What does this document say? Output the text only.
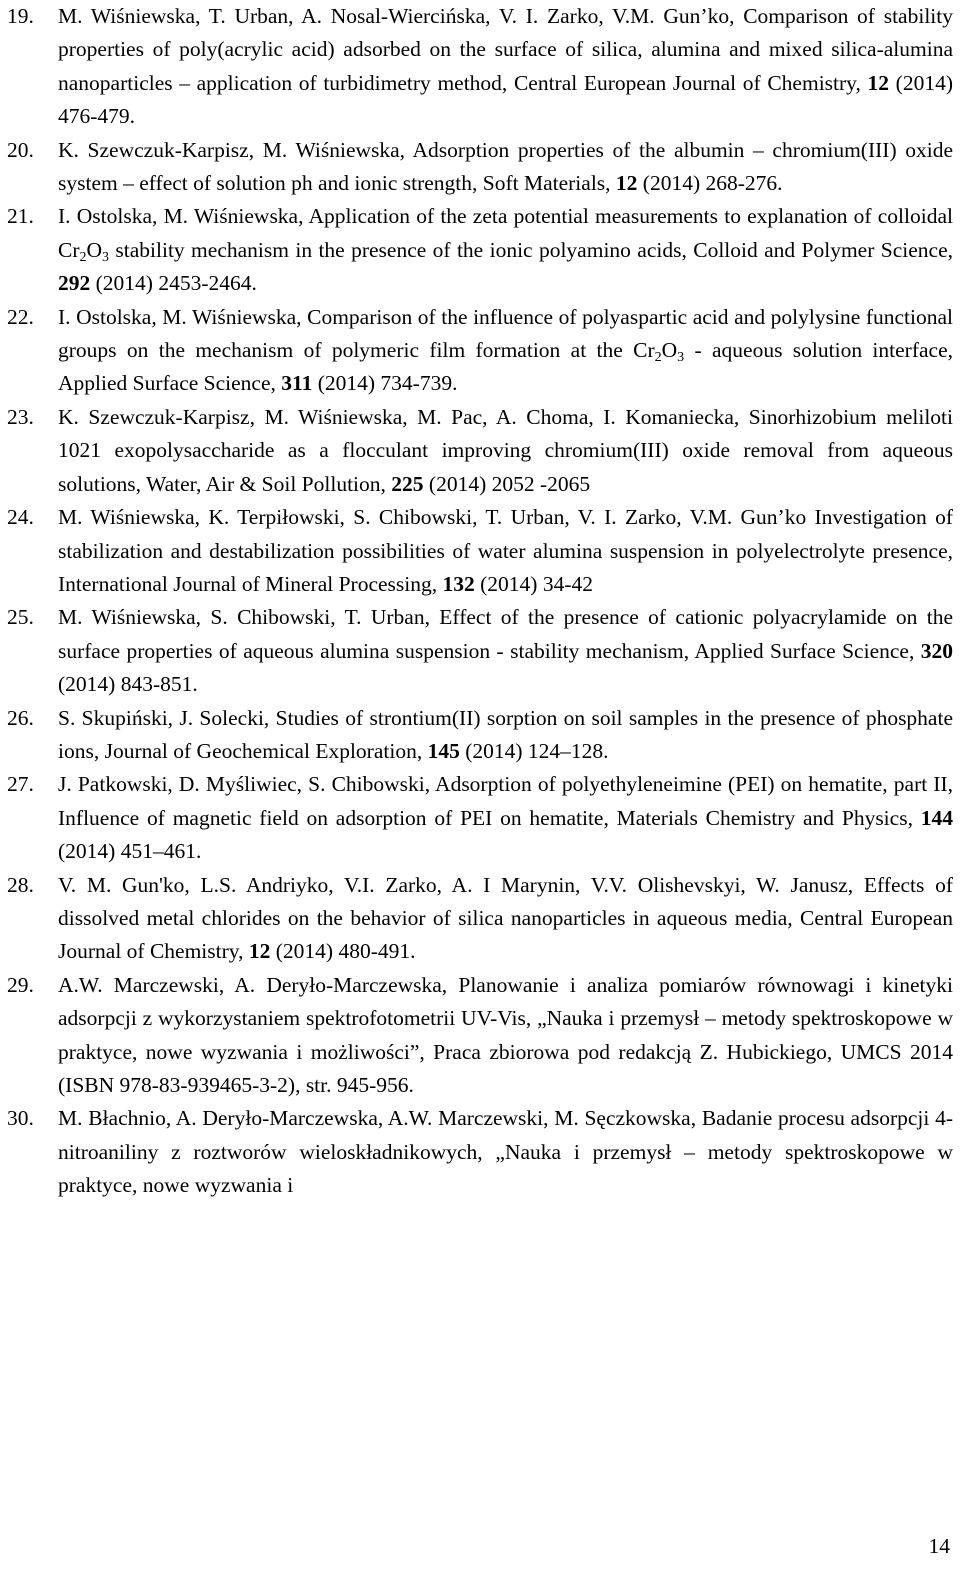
19. M. Wiśniewska, T. Urban, A. Nosal-Wiercińska, V. I. Zarko, V.M. Gun’ko, Comparison of stability properties of poly(acrylic acid) adsorbed on the surface of silica, alumina and mixed silica-alumina nanoparticles – application of turbidimetry method, Central European Journal of Chemistry, 12 (2014) 476-479.
20. K. Szewczuk-Karpisz, M. Wiśniewska, Adsorption properties of the albumin – chromium(III) oxide system – effect of solution ph and ionic strength, Soft Materials, 12 (2014) 268-276.
21. I. Ostolska, M. Wiśniewska, Application of the zeta potential measurements to explanation of colloidal $Cr_2O_3$ stability mechanism in the presence of the ionic polyamino acids, Colloid and Polymer Science, 292 (2014) 2453-2464.
22. I. Ostolska, M. Wiśniewska, Comparison of the influence of polyaspartic acid and polylysine functional groups on the mechanism of polymeric film formation at the $Cr_2O_3$ - aqueous solution interface, Applied Surface Science, 311 (2014) 734-739.
23. K. Szewczuk-Karpisz, M. Wiśniewska, M. Pac, A. Choma, I. Komaniecka, Sinorhizobium meliloti 1021 exopolysaccharide as a flocculant improving chromium(III) oxide removal from aqueous solutions, Water, Air & Soil Pollution, 225 (2014) 2052 -2065
24. M. Wiśniewska, K. Terpiłowski, S. Chibowski, T. Urban, V. I. Zarko, V.M. Gun’ko Investigation of stabilization and destabilization possibilities of water alumina suspension in polyelectrolyte presence, International Journal of Mineral Processing, 132 (2014) 34-42
25. M. Wiśniewska, S. Chibowski, T. Urban, Effect of the presence of cationic polyacrylamide on the surface properties of aqueous alumina suspension - stability mechanism, Applied Surface Science, 320 (2014) 843-851.
26. S. Skupiński, J. Solecki, Studies of strontium(II) sorption on soil samples in the presence of phosphate ions, Journal of Geochemical Exploration, 145 (2014) 124–128.
27. J. Patkowski, D. Myśliwiec, S. Chibowski, Adsorption of polyethyleneimine (PEI) on hematite, part II, Influence of magnetic field on adsorption of PEI on hematite, Materials Chemistry and Physics, 144 (2014) 451–461.
28. V. M. Gun'ko, L.S. Andriyko, V.I. Zarko, A. I Marynin, V.V. Olishevskyi, W. Janusz, Effects of dissolved metal chlorides on the behavior of silica nanoparticles in aqueous media, Central European Journal of Chemistry, 12 (2014) 480-491.
29. A.W. Marczewski, A. Deryło-Marczewska, Planowanie i analiza pomiarów równowagi i kinetyki adsorpcji z wykorzystaniem spektrofotometrii UV-Vis, „Nauka i przemysł – metody spektroskopowe w praktyce, nowe wyzwania i możliwości”, Praca zbiorowa pod redakcją Z. Hubickiego, UMCS 2014 (ISBN 978-83-939465-3-2), str. 945-956.
30. M. Błachnio, A. Deryło-Marczewska, A.W. Marczewski, M. Sęczkowska, Badanie procesu adsorpcji 4-nitroaniliny z roztworów wieloskładnikowych, „Nauka i przemysł – metody spektroskopowe w praktyce, nowe wyzwania i
14
